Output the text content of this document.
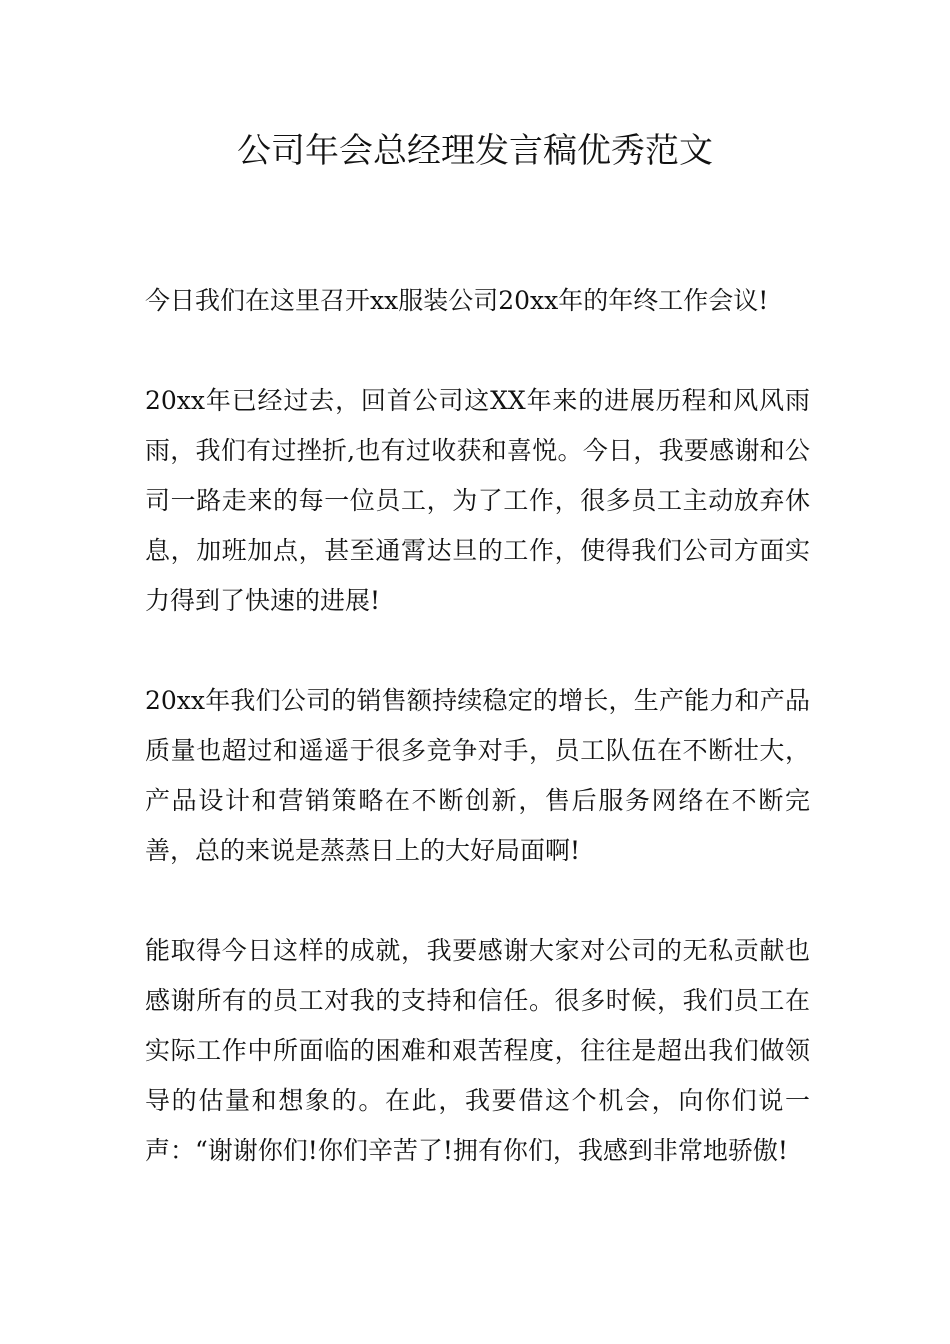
公司年会总经理发言稿优秀范文

今日我们在这里召开xx服装公司20xx年的年终工作会议!

20xx年已经过去，回首公司这XX年来的进展历程和风风雨雨，我们有过挫折,也有过收获和喜悦。今日，我要感谢和公司一路走来的每一位员工，为了工作，很多员工主动放弃休息，加班加点，甚至通霄达旦的工作，使得我们公司方面实力得到了快速的进展!

20xx年我们公司的销售额持续稳定的增长，生产能力和产品质量也超过和遥遥于很多竞争对手，员工队伍在不断壮大，产品设计和营销策略在不断创新，售后服务网络在不断完善，总的来说是蒸蒸日上的大好局面啊!

能取得今日这样的成就，我要感谢大家对公司的无私贡献也感谢所有的员工对我的支持和信任。很多时候，我们员工在实际工作中所面临的困难和艰苦程度，往往是超出我们做领导的估量和想象的。在此，我要借这个机会，向你们说一声：“谢谢你们!你们辛苦了!拥有你们，我感到非常地骄傲!
